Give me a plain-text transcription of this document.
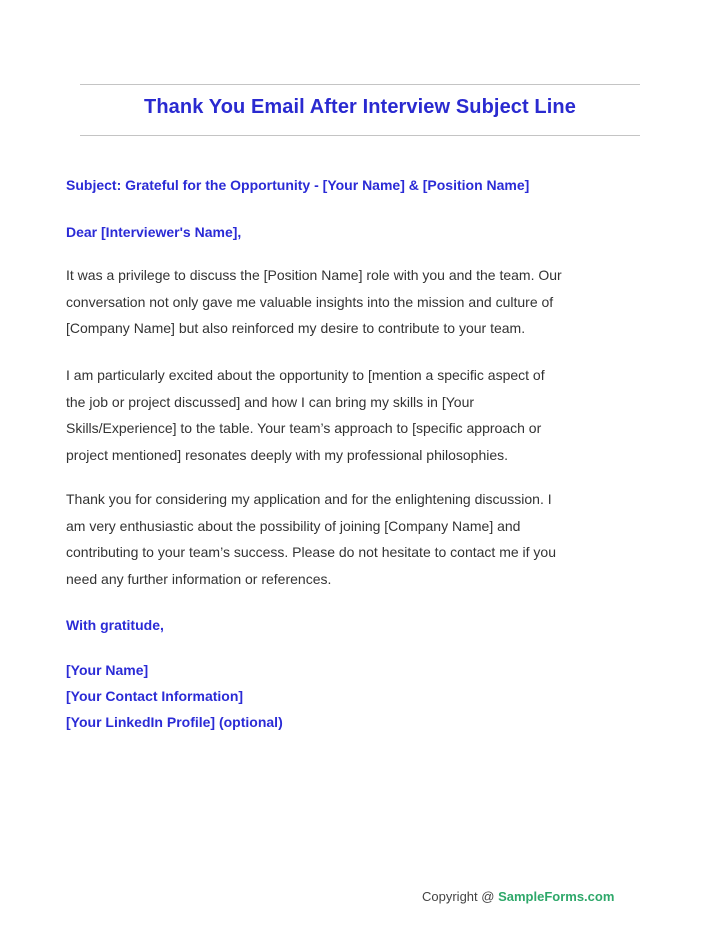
Thank You Email After Interview Subject Line
Subject: Grateful for the Opportunity - [Your Name] & [Position Name]
Dear [Interviewer's Name],
It was a privilege to discuss the [Position Name] role with you and the team. Our
conversation not only gave me valuable insights into the mission and culture of
[Company Name] but also reinforced my desire to contribute to your team.
I am particularly excited about the opportunity to [mention a specific aspect of
the job or project discussed] and how I can bring my skills in [Your
Skills/Experience] to the table. Your team’s approach to [specific approach or
project mentioned] resonates deeply with my professional philosophies.
Thank you for considering my application and for the enlightening discussion. I
am very enthusiastic about the possibility of joining [Company Name] and
contributing to your team’s success. Please do not hesitate to contact me if you
need any further information or references.
With gratitude,
[Your Name]
[Your Contact Information]
[Your LinkedIn Profile] (optional)
Copyright @ SampleForms.com
